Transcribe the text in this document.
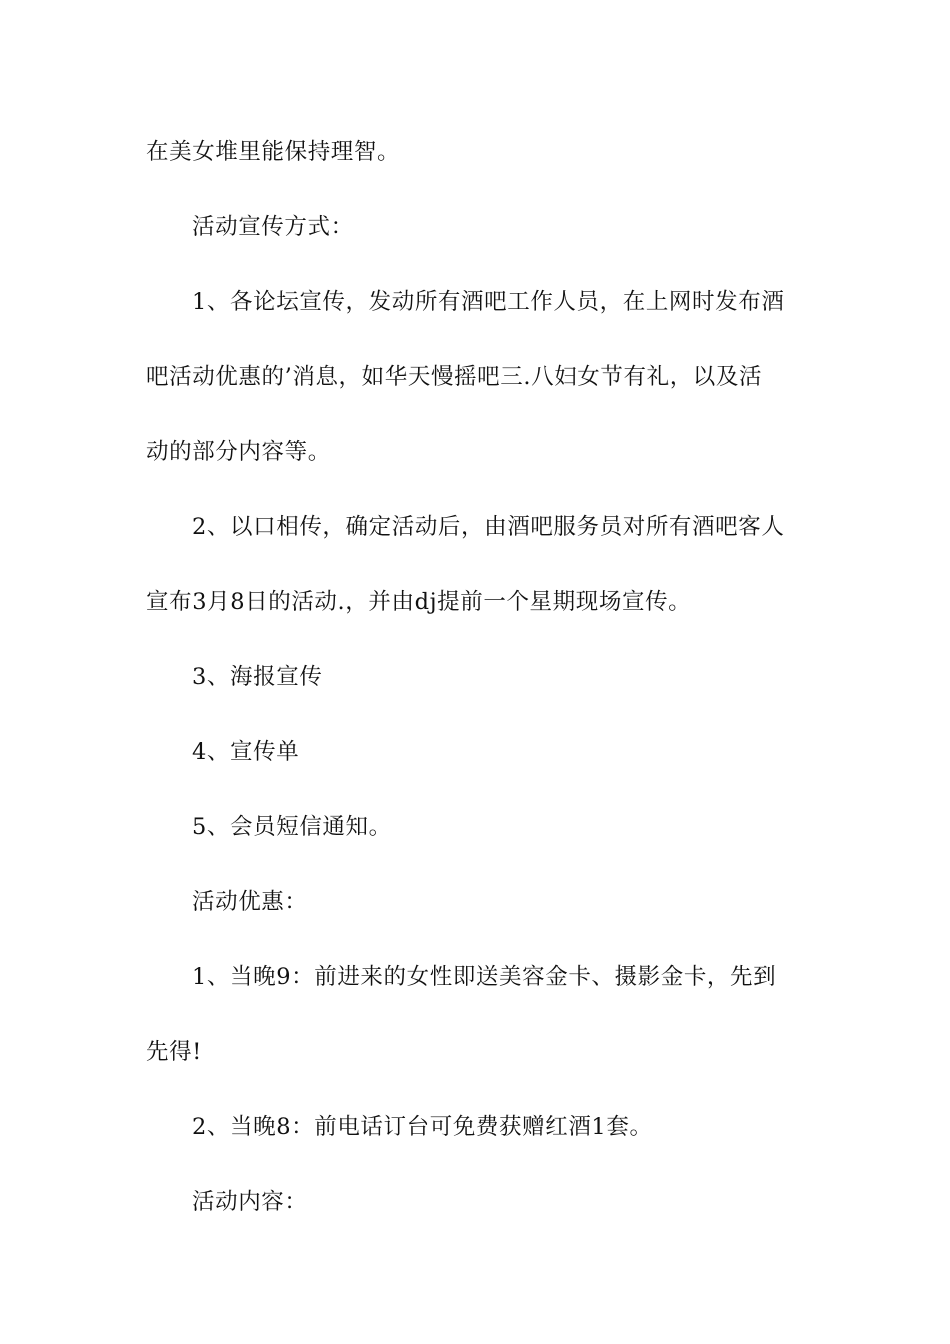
在美女堆里能保持理智。
活动宣传方式：
1、各论坛宣传，发动所有酒吧工作人员，在上网时发布酒
吧活动优惠的’消息，如华天慢摇吧三.八妇女节有礼，以及活
动的部分内容等。
2、以口相传，确定活动后，由酒吧服务员对所有酒吧客人
宣布3月8日的活动.，并由dj提前一个星期现场宣传。
3、海报宣传
4、宣传单
5、会员短信通知。
活动优惠：
1、当晚9：前进来的女性即送美容金卡、摄影金卡，先到
先得!
2、当晚8：前电话订台可免费获赠红酒1套。
活动内容：
